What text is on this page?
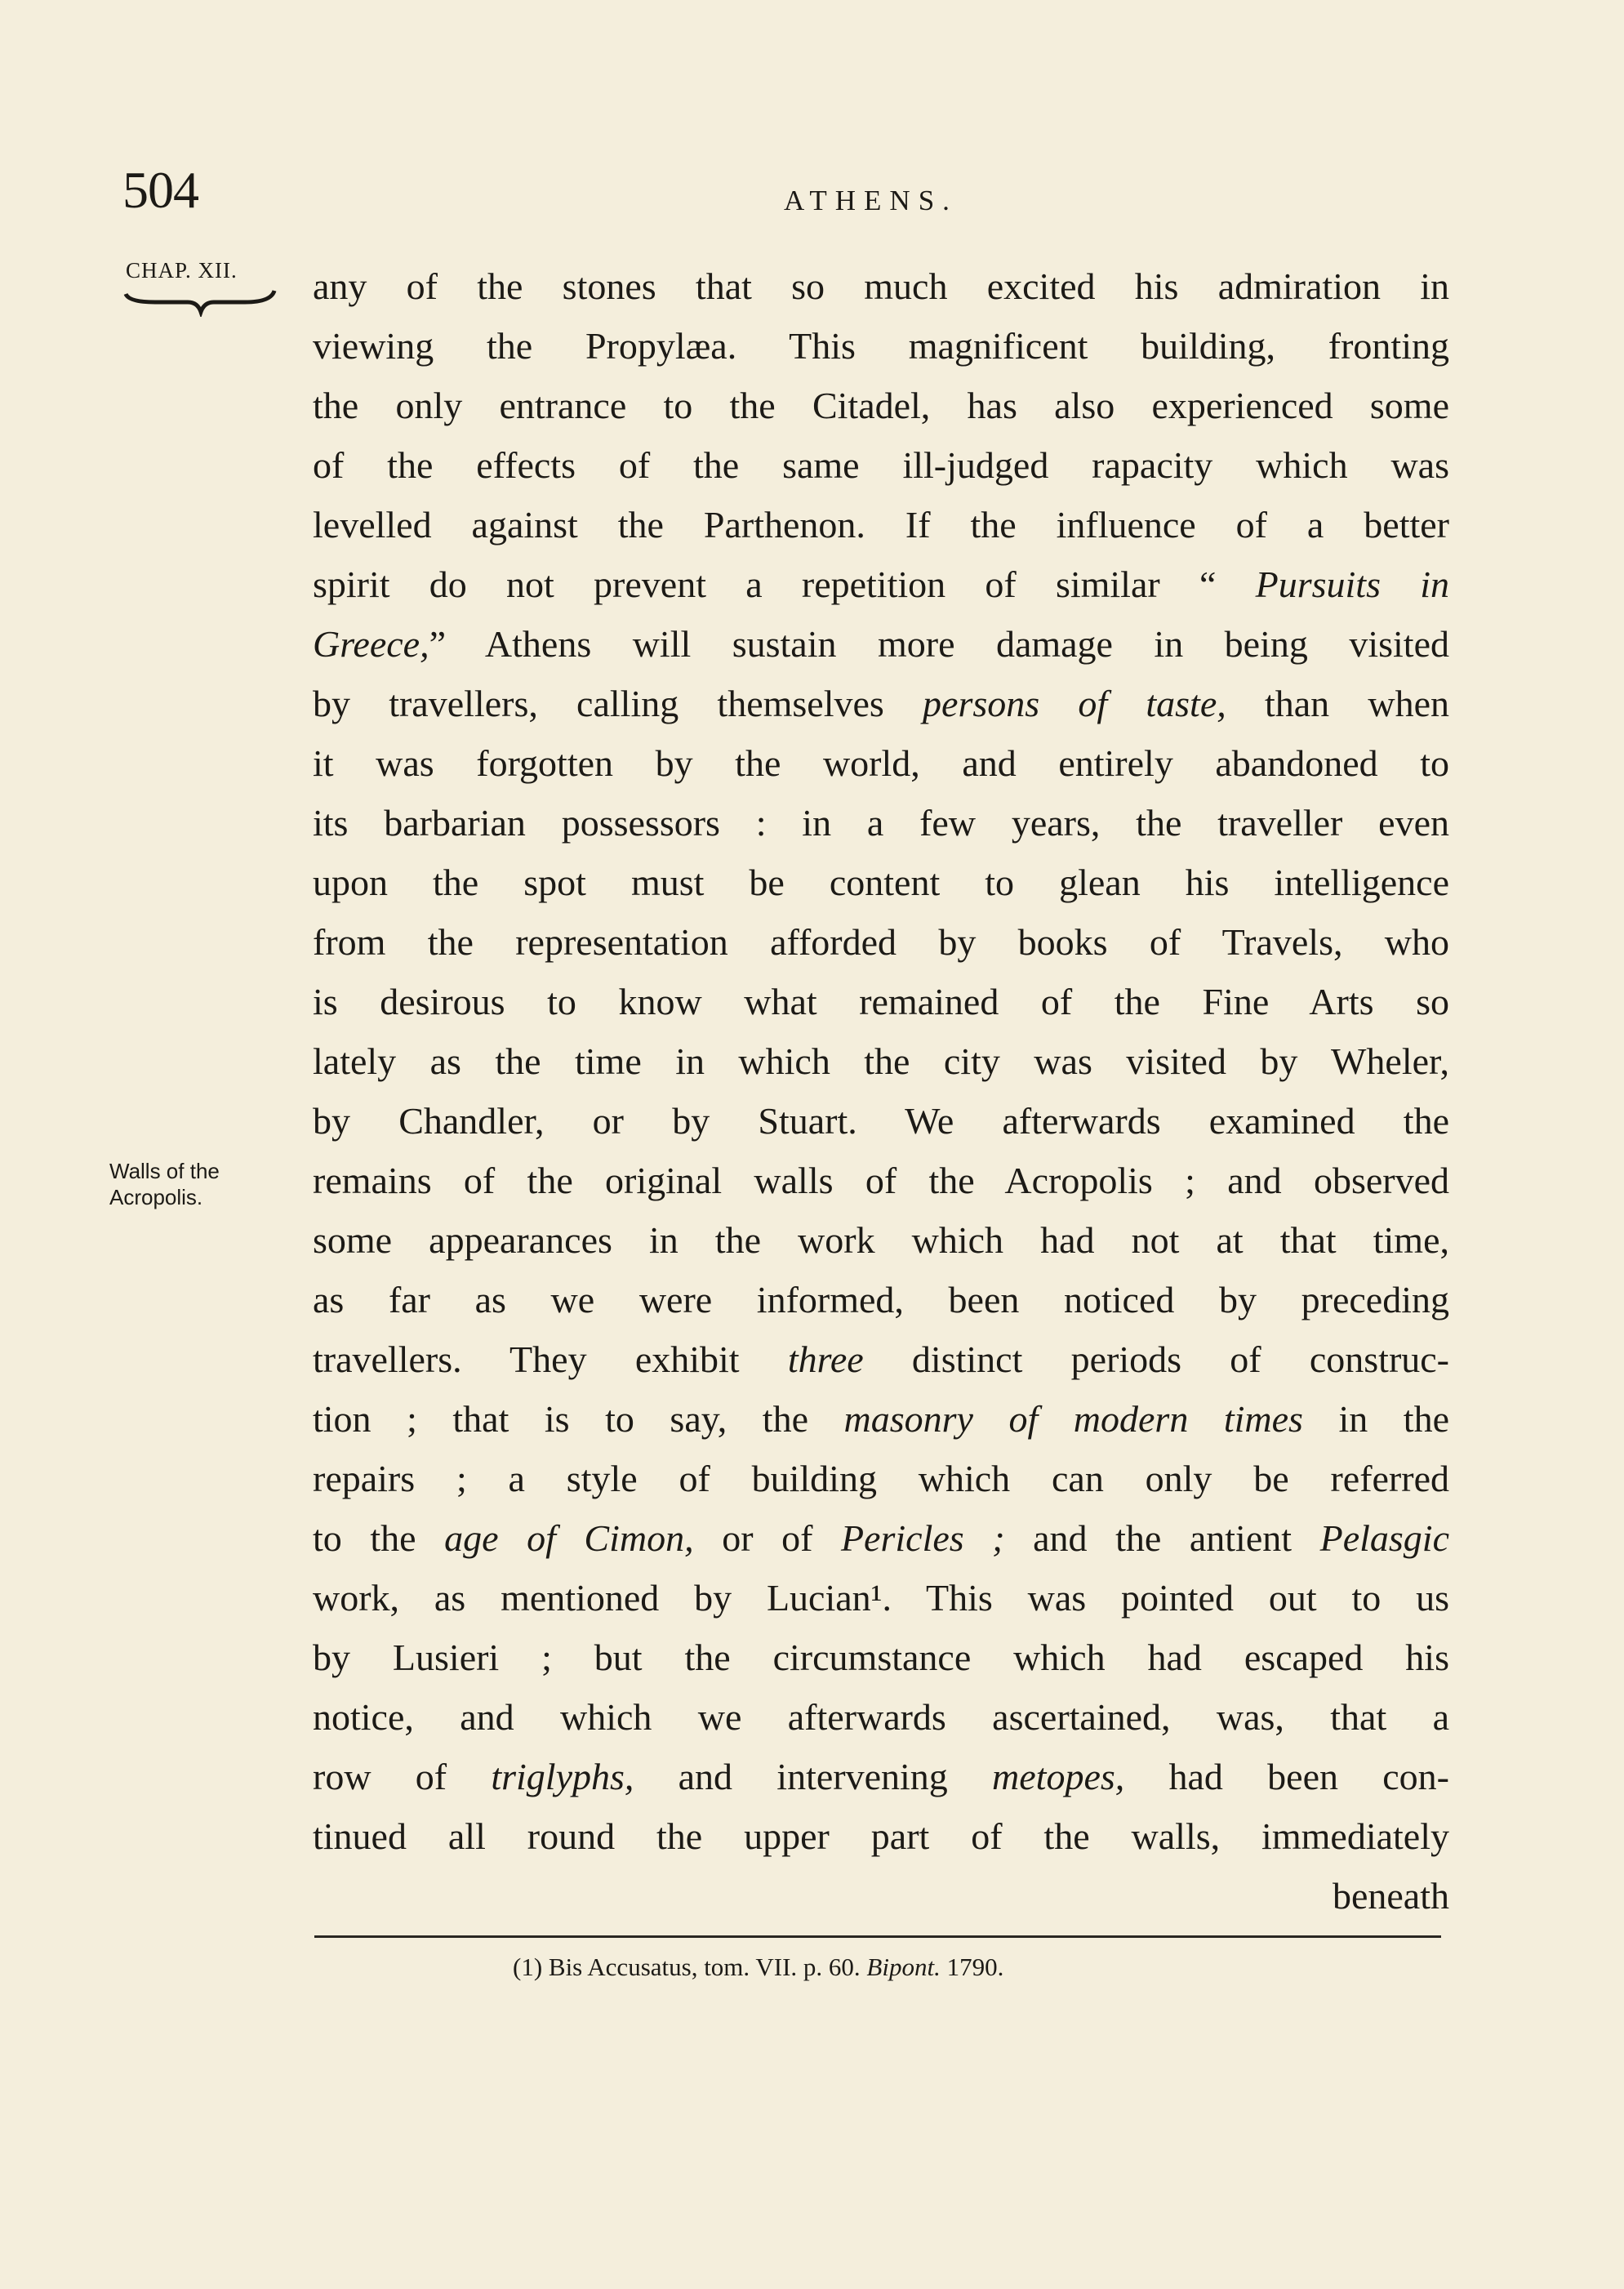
504	ATHENS.
CHAP. XII.
Walls of the
Acropolis.
any of the stones that so much excited his admiration in
viewing the Propylæa. This magnificent building, fronting
the only entrance to the Citadel, has also experienced some
of the effects of the same ill-judged rapacity which was
levelled against the Parthenon. If the influence of a better
spirit do not prevent a repetition of similar “ Pursuits in
Greece,” Athens will sustain more damage in being visited
by travellers, calling themselves persons of taste, than when
it was forgotten by the world, and entirely abandoned to
its barbarian possessors : in a few years, the traveller even
upon the spot must be content to glean his intelligence
from the representation afforded by books of Travels, who
is desirous to know what remained of the Fine Arts so
lately as the time in which the city was visited by Wheler,
by Chandler, or by Stuart. We afterwards examined the
remains of the original walls of the Acropolis ; and observed
some appearances in the work which had not at that time,
as far as we were informed, been noticed by preceding
travellers. They exhibit three distinct periods of construc-
tion ; that is to say, the masonry of modern times in the
repairs ; a style of building which can only be referred
to the age of Cimon, or of Pericles ; and the antient Pelasgic
work, as mentioned by Lucian¹. This was pointed out to us
by Lusieri ; but the circumstance which had escaped his
notice, and which we afterwards ascertained, was, that a
row of triglyphs, and intervening metopes, had been con-
tinued all round the upper part of the walls, immediately
beneath
(1) Bis Accusatus, tom. VII. p. 60. Bipont. 1790.
